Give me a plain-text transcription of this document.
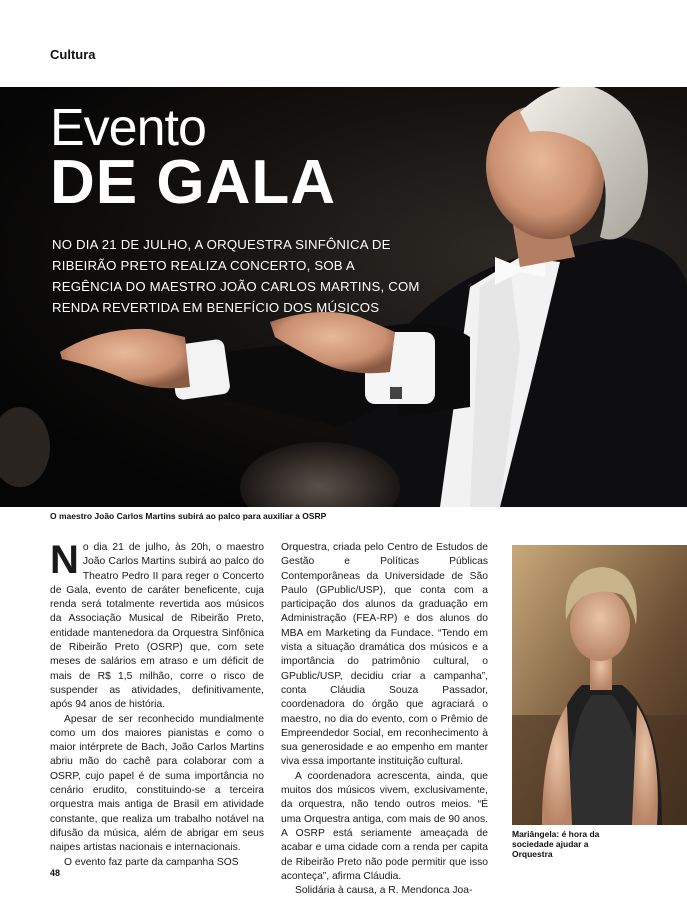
Cultura
Evento
DE GALA
NO DIA 21 DE JULHO, A ORQUESTRA SINFÔNICA DE RIBEIRÃO PRETO REALIZA CONCERTO, SOB A REGÊNCIA DO MAESTRO JOÃO CARLOS MARTINS, COM RENDA REVERTIDA EM BENEFÍCIO DOS MÚSICOS
O maestro João Carlos Martins subirá ao palco para auxiliar a OSRP

No dia 21 de julho, às 20h, o maestro João Carlos Martins subirá ao palco do Theatro Pedro II para reger o Concerto de Gala, evento de caráter beneficente, cuja renda será totalmente revertida aos músicos da Associação Musical de Ribeirão Preto, entidade mantenedora da Orquestra Sinfônica de Ribeirão Preto (OSRP) que, com sete meses de salários em atraso e um déficit de mais de R$ 1,5 milhão, corre o risco de suspender as atividades, definitivamente, após 94 anos de história.

Apesar de ser reconhecido mundialmente como um dos maiores pianistas e como o maior intérprete de Bach, João Carlos Martins abriu mão do cachê para colaborar com a OSRP, cujo papel é de suma importância no cenário erudito, constituindo-se a terceira orquestra mais antiga de Brasil em atividade constante, que realiza um trabalho notável na difusão da música, além de abrigar em seus naipes artistas nacionais e internacionais.

O evento faz parte da campanha SOS

Orquestra, criada pelo Centro de Estudos de Gestão e Políticas Públicas Contemporâneas da Universidade de São Paulo (GPublic/USP), que conta com a participação dos alunos da graduação em Administração (FEA-RP) e dos alunos do MBA em Marketing da Fundace. “Tendo em vista a situação dramática dos músicos e a importância do patrimônio cultural, o GPublic/USP, decidiu criar a campanha”, conta Cláudia Souza Passador, coordenadora do órgão que agraciará o maestro, no dia do evento, com o Prêmio de Empreendedor Social, em reconhecimento à sua generosidade e ao empenho em manter viva essa importante instituição cultural.

A coordenadora acrescenta, ainda, que muitos dos músicos vivem, exclusivamente, da orquestra, não tendo outros meios. “É uma Orquestra antiga, com mais de 90 anos. A OSRP está seriamente ameaçada de acabar e uma cidade com a renda per capita de Ribeirão Preto não pode permitir que isso aconteça”, afirma Cláudia.

Solidária à causa, a R. Mendonca Joa-

Mariângela: é hora da sociedade ajudar a Orquestra
48
